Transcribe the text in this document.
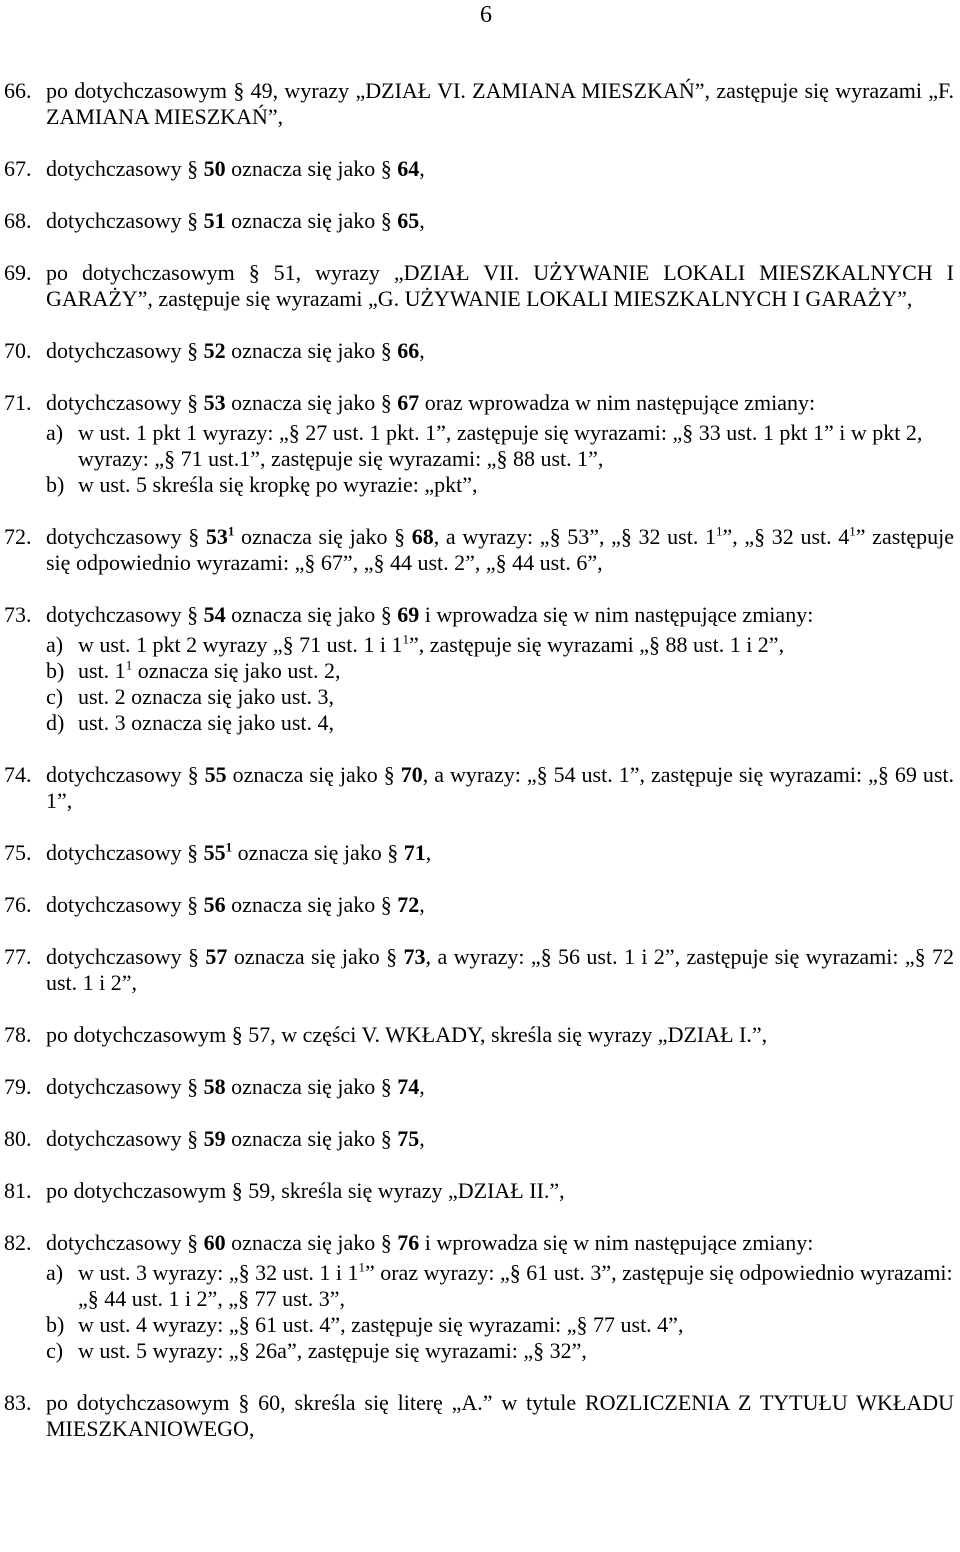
6
66. po dotychczasowym § 49, wyrazy „DZIAŁ VI. ZAMIANA MIESZKAŃ”, zastępuje się wyrazami „F. ZAMIANA MIESZKAŃ”,
67. dotychczasowy § 50 oznacza się jako § 64,
68. dotychczasowy § 51 oznacza się jako § 65,
69. po dotychczasowym § 51, wyrazy „DZIAŁ VII. UŻYWANIE LOKALI MIESZKALNYCH I GARAŻY”, zastępuje się wyrazami „G. UŻYWANIE LOKALI MIESZKALNYCH I GARAŻY”,
70. dotychczasowy § 52 oznacza się jako § 66,
71. dotychczasowy § 53 oznacza się jako § 67 oraz wprowadza w nim następujące zmiany:
a) w ust. 1 pkt 1 wyrazy: „§ 27 ust. 1 pkt. 1”, zastępuje się wyrazami: „§ 33 ust. 1 pkt 1” i w pkt 2, wyrazy: „§ 71 ust.1”, zastępuje się wyrazami: „§ 88 ust. 1”,
b) w ust. 5 skreśla się kropkę po wyrazie: „pkt”,
72. dotychczasowy § $53^1$ oznacza się jako § 68, a wyrazy: „§ 53”, „§ 32 ust. $1^1$”, „§ 32 ust. $4^1$” zastępuje się odpowiednio wyrazami: „§ 67”, „§ 44 ust. 2”, „§ 44 ust. 6”,
73. dotychczasowy § 54 oznacza się jako § 69 i wprowadza się w nim następujące zmiany:
a) w ust. 1 pkt 2 wyrazy „§ 71 ust. 1 i $1^1$”, zastępuje się wyrazami „§ 88 ust. 1 i 2”,
b) ust. $1^1$ oznacza się jako ust. 2,
c) ust. 2 oznacza się jako ust. 3,
d) ust. 3 oznacza się jako ust. 4,
74. dotychczasowy § 55 oznacza się jako § 70, a wyrazy: „§ 54 ust. 1”, zastępuje się wyrazami: „§ 69 ust. 1”,
75. dotychczasowy § $55^1$ oznacza się jako § 71,
76. dotychczasowy § 56 oznacza się jako § 72,
77. dotychczasowy § 57 oznacza się jako § 73, a wyrazy: „§ 56 ust. 1 i 2”, zastępuje się wyrazami: „§ 72 ust. 1 i 2”,
78. po dotychczasowym § 57, w części V. WKŁADY, skreśla się wyrazy „DZIAŁ I.”,
79. dotychczasowy § 58 oznacza się jako § 74,
80. dotychczasowy § 59 oznacza się jako § 75,
81. po dotychczasowym § 59, skreśla się wyrazy „DZIAŁ II.”,
82. dotychczasowy § 60 oznacza się jako § 76 i wprowadza się w nim następujące zmiany:
a) w ust. 3 wyrazy: „§ 32 ust. 1 i $1^1$” oraz wyrazy: „§ 61 ust. 3”, zastępuje się odpowiednio wyrazami: „§ 44 ust. 1 i 2”, „§ 77 ust. 3”,
b) w ust. 4 wyrazy: „§ 61 ust. 4”, zastępuje się wyrazami: „§ 77 ust. 4”,
c) w ust. 5 wyrazy: „§ 26a”, zastępuje się wyrazami: „§ 32”,
83. po dotychczasowym § 60, skreśla się literę „A.” w tytule ROZLICZENIA Z TYTUŁU WKŁADU MIESZKANIOWEGO,
